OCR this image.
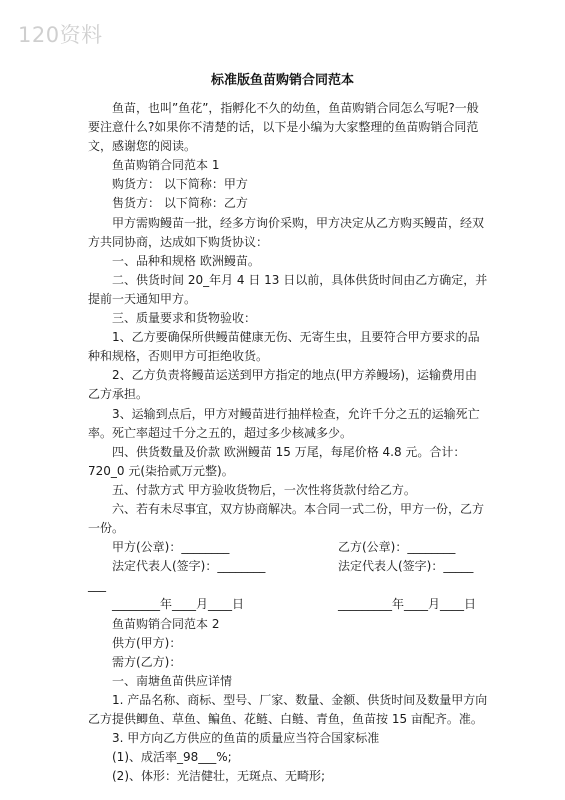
120资料
标准版鱼苗购销合同范本

鱼苗，也叫”鱼花”，指孵化不久的幼鱼，鱼苗购销合同怎么写呢?一般要注意什么?如果你不清楚的话，以下是小编为大家整理的鱼苗购销合同范文，感谢您的阅读。

鱼苗购销合同范本 1

购货方： 以下简称：甲方

售货方： 以下简称：乙方

甲方需购鳗苗一批，经多方询价采购，甲方决定从乙方购买鳗苗，经双方共同协商，达成如下购货协议：

一、品种和规格 欧洲鳗苗。

二、供货时间 20_年月 4 日 13 日以前，具体供货时间由乙方确定，并提前一天通知甲方。

三、质量要求和货物验收：

1、乙方要确保所供鳗苗健康无伤、无寄生虫，且要符合甲方要求的品种和规格，否则甲方可拒绝收货。

2、乙方负责将鳗苗运送到甲方指定的地点(甲方养鳗场)，运输费用由乙方承担。

3、运输到点后，甲方对鳗苗进行抽样检查，允许千分之五的运输死亡率。死亡率超过千分之五的，超过多少核减多少。

四、供货数量及价款 欧洲鳗苗 15 万尾，每尾价格 4.8 元。合计：720_0 元(柒拾贰万元整)。

五、付款方式 甲方验收货物后，一次性将货款付给乙方。

六、若有未尽事宜，双方协商解决。本合同一式二份，甲方一份，乙方一份。

甲方(公章)：________	乙方(公章)：________
法定代表人(签字)：________	法定代表人(签字)：_____

___

________年____月____日	_________年____月____日

鱼苗购销合同范本 2

供方(甲方)：

需方(乙方)：

一、南塘鱼苗供应详情

1. 产品名称、商标、型号、厂家、数量、金额、供货时间及数量甲方向乙方提供鲫鱼、草鱼、鳊鱼、花鲢、白鲢、青鱼，鱼苗按 15 亩配齐。准。

3. 甲方向乙方供应的鱼苗的质量应当符合国家标准

(1)、成活率_98___%;

(2)、体形：光洁健壮，无斑点、无畸形;
